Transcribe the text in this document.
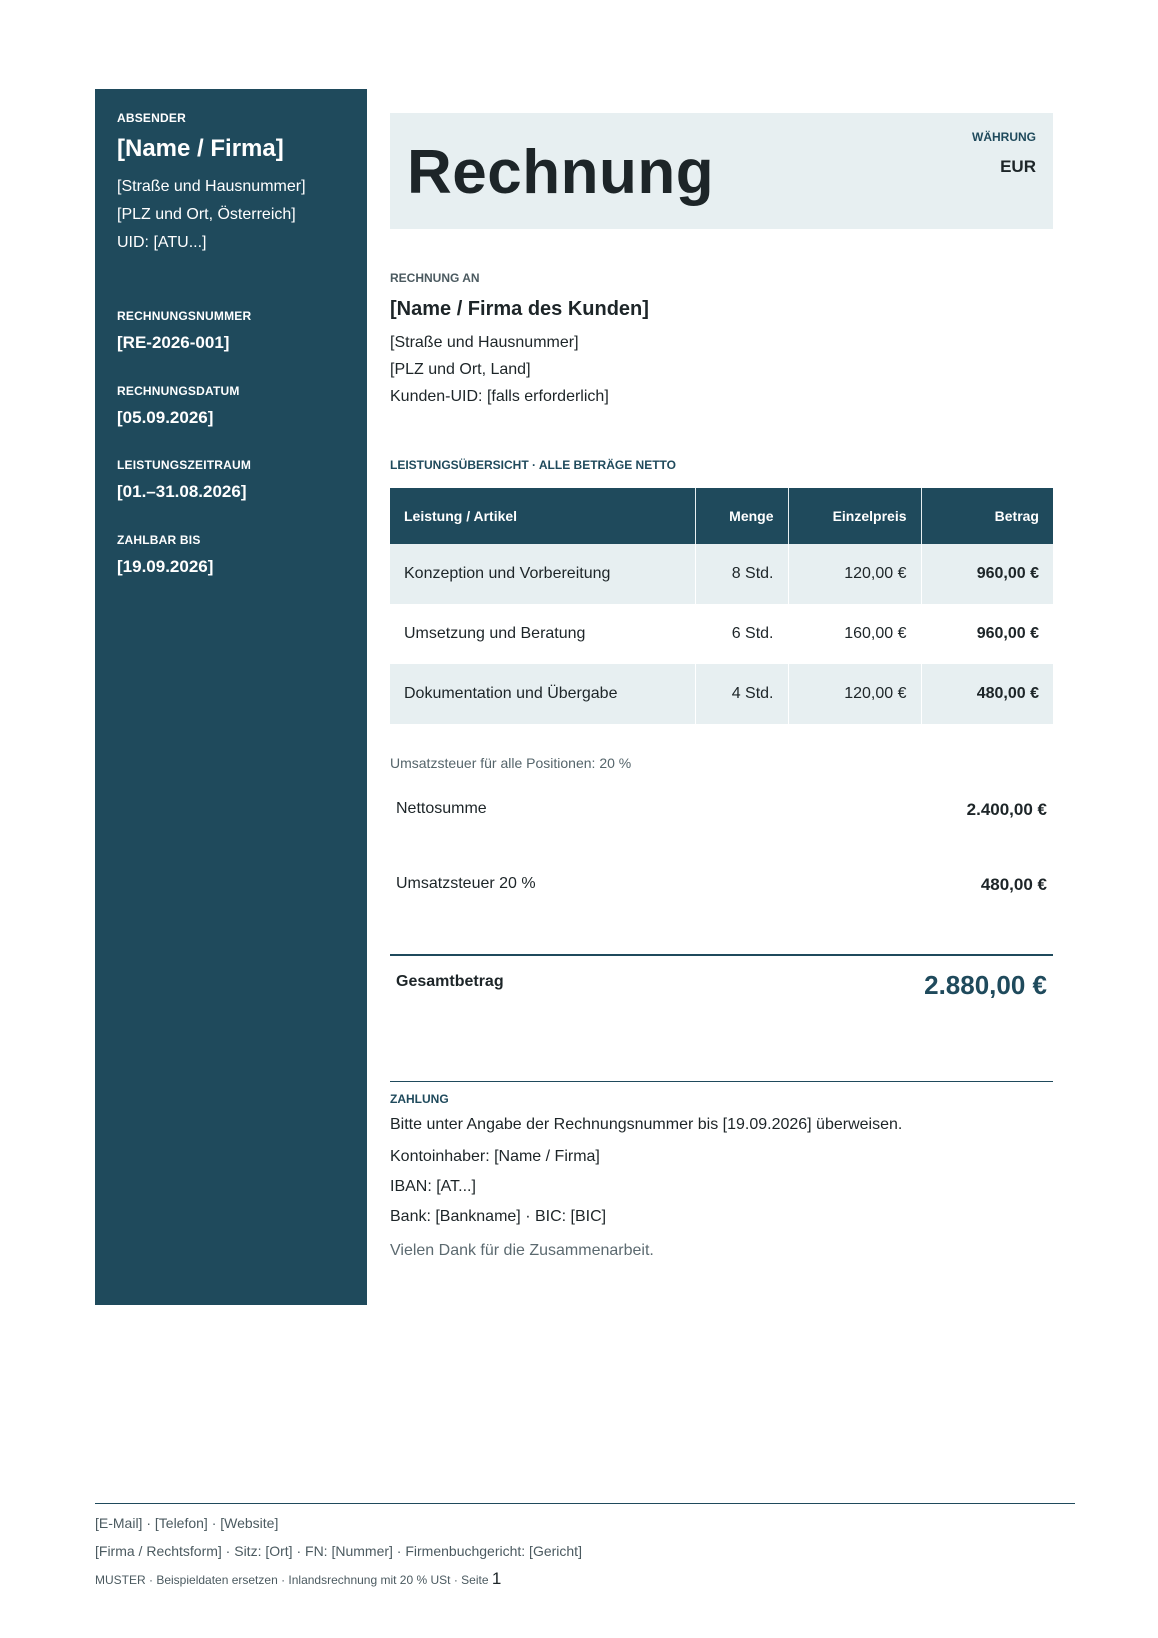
ABSENDER
[Name / Firma]
[Straße und Hausnummer]
[PLZ und Ort, Österreich]
UID: [ATU...]
RECHNUNGSNUMMER
[RE-2026-001]
RECHNUNGSDATUM
[05.09.2026]
LEISTUNGSZEITRAUM
[01.–31.08.2026]
ZAHLBAR BIS
[19.09.2026]
Rechnung
WÄHRUNG
EUR
RECHNUNG AN
[Name / Firma des Kunden]
[Straße und Hausnummer]
[PLZ und Ort, Land]
Kunden-UID: [falls erforderlich]
LEISTUNGSÜBERSICHT · ALLE BETRÄGE NETTO
Leistung / Artikel	Menge	Einzelpreis	Betrag
Konzeption und Vorbereitung	8 Std.	120,00 €	960,00 €
Umsetzung und Beratung	6 Std.	160,00 €	960,00 €
Dokumentation und Übergabe	4 Std.	120,00 €	480,00 €
Umsatzsteuer für alle Positionen: 20 %
Nettosumme	2.400,00 €
Umsatzsteuer 20 %	480,00 €
Gesamtbetrag	2.880,00 €
ZAHLUNG
Bitte unter Angabe der Rechnungsnummer bis [19.09.2026] überweisen.
Kontoinhaber: [Name / Firma]
IBAN: [AT...]
Bank: [Bankname] · BIC: [BIC]
Vielen Dank für die Zusammenarbeit.
[E-Mail] · [Telefon] · [Website]
[Firma / Rechtsform] · Sitz: [Ort] · FN: [Nummer] · Firmenbuchgericht: [Gericht]
MUSTER · Beispieldaten ersetzen · Inlandsrechnung mit 20 % USt · Seite 1
